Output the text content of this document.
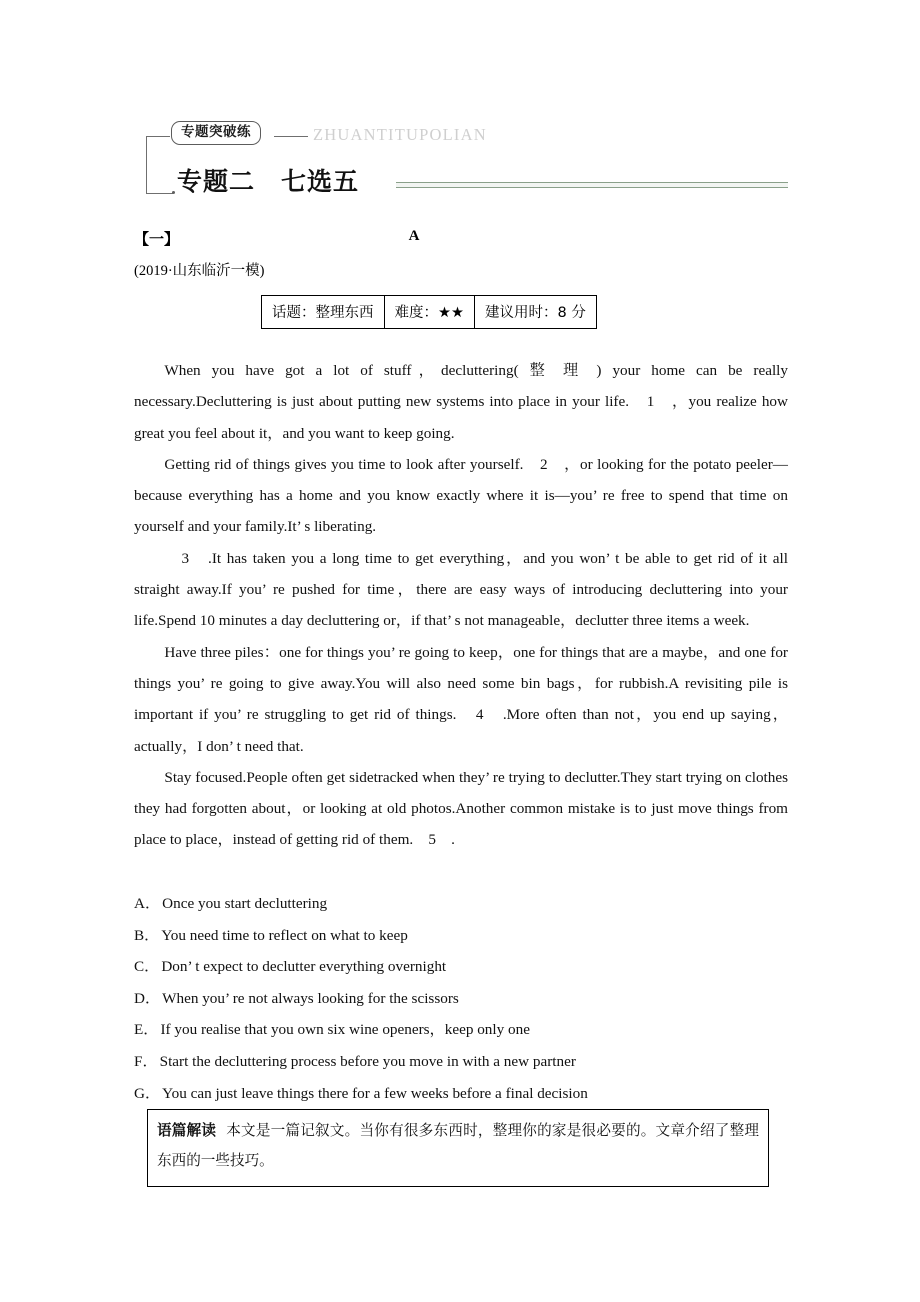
专题突破练	ZHUANTITUPOLIAN
专题二　七选五
【一】	A
(2019·山东临沂一模)
话题：整理东西	难度：★★	建议用时：8 分

When you have got a lot of stuff，decluttering( 整 理 ) your home can be really necessary.Decluttering is just about putting new systems into place in your life.　1　，you realize how great you feel about it，and you want to keep going.

Getting rid of things gives you time to look after yourself.　2　，or looking for the potato peeler—because everything has a home and you know exactly where it is—you’ re free to spend that time on yourself and your family.It’ s liberating.

　3　.It has taken you a long time to get everything，and you won’ t be able to get rid of it all straight away.If you’ re pushed for time，there are easy ways of introducing decluttering into your life.Spend 10 minutes a day decluttering or，if that’ s not manageable，declutter three items a week.

Have three piles：one for things you’ re going to keep，one for things that are a maybe，and one for things you’ re going to give away.You will also need some bin bags，for rubbish.A revisiting pile is important if you’ re struggling to get rid of things.　4　.More often than not，you end up saying，actually，I don’ t need that.

Stay focused.People often get sidetracked when they’ re trying to declutter.They start trying on clothes they had forgotten about，or looking at old photos.Another common mistake is to just move things from place to place，instead of getting rid of them.　5　.

A． Once you start decluttering
B． You need time to reflect on what to keep
C． Don’ t expect to declutter everything overnight
D． When you’ re not always looking for the scissors
E． If you realise that you own six wine openers，keep only one
F． Start the decluttering process before you move in with a new partner
G． You can just leave things there for a few weeks before a final decision
语篇解读 本文是一篇记叙文。当你有很多东西时，整理你的家是很必要的。文章介绍了整理东西的一些技巧。
